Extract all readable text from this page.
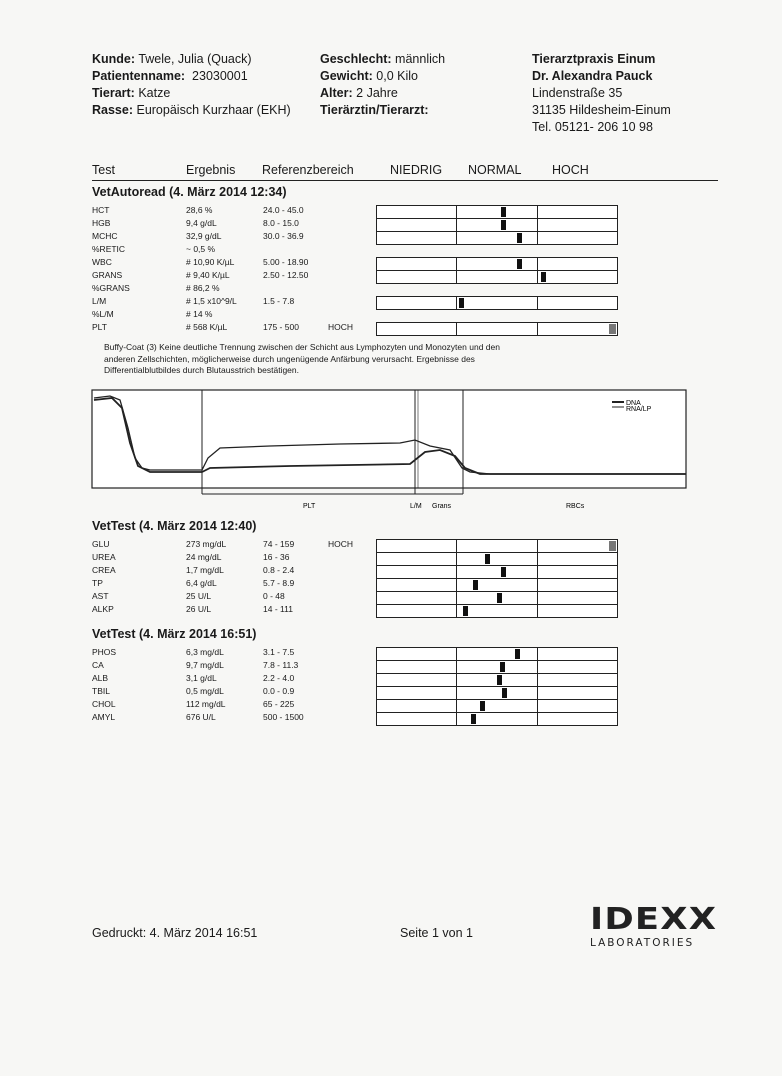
Kunde: Twele, Julia (Quack)
Patientenname: 23030001
Tierart: Katze
Rasse: Europäisch Kurzhaar (EKH)
Geschlecht: männlich
Gewicht: 0,0 Kilo
Alter: 2 Jahre
Tierärztin/Tierarzt:
Tierarztpraxis Einum
Dr. Alexandra Pauck
Lindenstraße 35
31135 Hildesheim-Einum
Tel. 05121- 206 10 98
Test	Ergebnis Referenzbereich	NIEDRIG NORMAL HOCH
VetAutoread (4. März 2014 12:34)
HCT	28,6 %	24.0 - 45.0
HGB	9,4 g/dL	8.0 - 15.0
MCHC	32,9 g/dL	30.0 - 36.9
%RETIC	~ 0,5 %
WBC	# 10,90 K/µL	5.00 - 18.90
GRANS	# 9,40 K/µL	2.50 - 12.50
%GRANS	# 86,2 %
L/M	# 1,5 x10^9/L	1.5 - 7.8
%L/M	# 14 %
PLT	# 568 K/µL	175 - 500	HOCH
Buffy-Coat (3) Keine deutliche Trennung zwischen der Schicht aus Lymphozyten und Monozyten und den
anderen Zellschichten, möglicherweise durch ungenügende Anfärbung verursacht. Ergebnisse des
Differentialblutbildes durch Blutausstrich bestätigen.
DNA
RNA/LP
PLT	L/M Grans	RBCs
VetTest (4. März 2014 12:40)
GLU	273 mg/dL	74 - 159	HOCH
UREA	24 mg/dL	16 - 36
CREA	1,7 mg/dL	0.8 - 2.4
TP	6,4 g/dL	5.7 - 8.9
AST	25 U/L	0 - 48
ALKP	26 U/L	14 - 111
VetTest (4. März 2014 16:51)
PHOS	6,3 mg/dL	3.1 - 7.5
CA	9,7 mg/dL	7.8 - 11.3
ALB	3,1 g/dL	2.2 - 4.0
TBIL	0,5 mg/dL	0.0 - 0.9
CHOL	112 mg/dL	65 - 225
AMYL	676 U/L	500 - 1500
Gedruckt: 4. März 2014 16:51	Seite 1 von 1	IDEXX
LABORATORIES
